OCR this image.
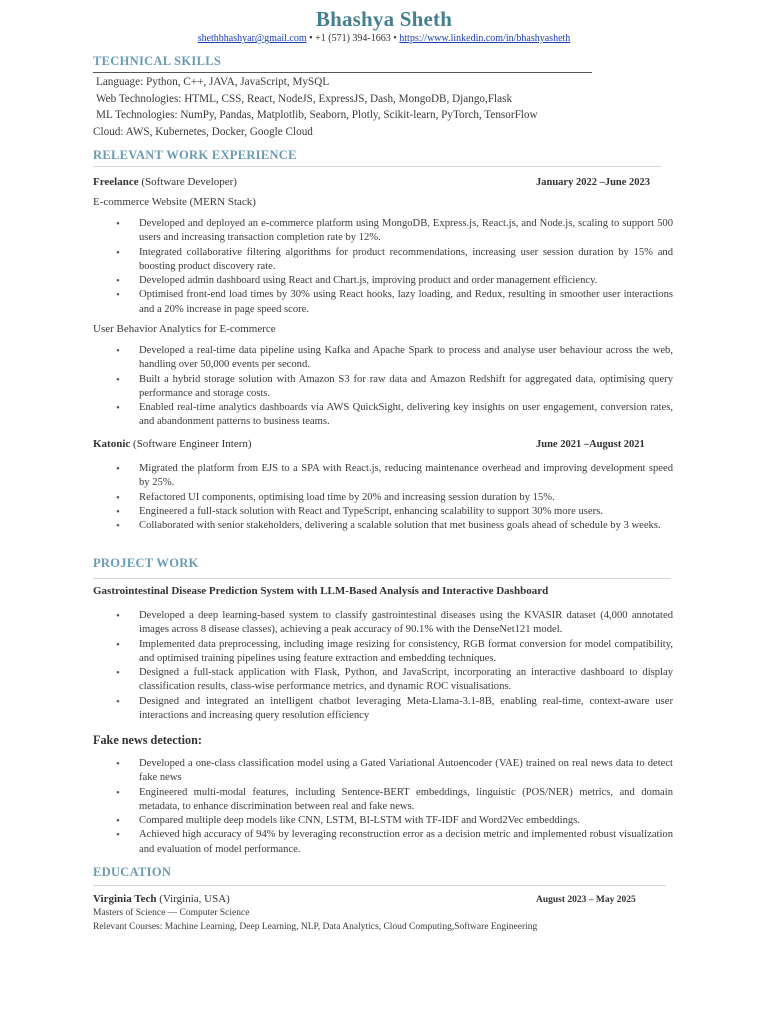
Bhashya Sheth
shethbhashyar@gmail.com • +1 (571) 394-1663 • https://www.linkedin.com/in/bhashyasheth
TECHNICAL SKILLS
Language: Python, C++, JAVA, JavaScript, MySQL
Web Technologies: HTML, CSS, React, NodeJS, ExpressJS, Dash, MongoDB, Django,Flask
ML Technologies: NumPy, Pandas, Matplotlib, Seaborn, Plotly, Scikit-learn, PyTorch, TensorFlow
Cloud: AWS, Kubernetes, Docker, Google Cloud
RELEVANT WORK EXPERIENCE
Freelance (Software Developer)	January 2022 –June 2023
E-commerce Website (MERN Stack)
• Developed and deployed an e-commerce platform using MongoDB, Express.js, React.js, and Node.js, scaling to support 500 users and increasing transaction completion rate by 12%.
• Integrated collaborative filtering algorithms for product recommendations, increasing user session duration by 15% and boosting product discovery rate.
• Developed admin dashboard using React and Chart.js, improving product and order management efficiency.
• Optimised front-end load times by 30% using React hooks, lazy loading, and Redux, resulting in smoother user interactions and a 20% increase in page speed score.
User Behavior Analytics for E-commerce
• Developed a real-time data pipeline using Kafka and Apache Spark to process and analyse user behaviour across the web, handling over 50,000 events per second.
• Built a hybrid storage solution with Amazon S3 for raw data and Amazon Redshift for aggregated data, optimising query performance and storage costs.
• Enabled real-time analytics dashboards via AWS QuickSight, delivering key insights on user engagement, conversion rates, and abandonment patterns to business teams.
Katonic (Software Engineer Intern)	June 2021 –August 2021
• Migrated the platform from EJS to a SPA with React.js, reducing maintenance overhead and improving development speed by 25%.
• Refactored UI components, optimising load time by 20% and increasing session duration by 15%.
• Engineered a full-stack solution with React and TypeScript, enhancing scalability to support 30% more users.
• Collaborated with senior stakeholders, delivering a scalable solution that met business goals ahead of schedule by 3 weeks.
PROJECT WORK
Gastrointestinal Disease Prediction System with LLM-Based Analysis and Interactive Dashboard
• Developed a deep learning-based system to classify gastrointestinal diseases using the KVASIR dataset (4,000 annotated images across 8 disease classes), achieving a peak accuracy of 90.1% with the DenseNet121 model.
• Implemented data preprocessing, including image resizing for consistency, RGB format conversion for model compatibility, and optimised training pipelines using feature extraction and embedding techniques.
• Designed a full-stack application with Flask, Python, and JavaScript, incorporating an interactive dashboard to display classification results, class-wise performance metrics, and dynamic ROC visualisations.
• Designed and integrated an intelligent chatbot leveraging Meta-Llama-3.1-8B, enabling real-time, context-aware user interactions and increasing query resolution efficiency
Fake news detection:
• Developed a one-class classification model using a Gated Variational Autoencoder (VAE) trained on real news data to detect fake news
• Engineered multi-modal features, including Sentence-BERT embeddings, linguistic (POS/NER) metrics, and domain metadata, to enhance discrimination between real and fake news.
• Compared multiple deep models like CNN, LSTM, BI-LSTM with TF-IDF and Word2Vec embeddings.
• Achieved high accuracy of 94% by leveraging reconstruction error as a decision metric and implemented robust visualization and evaluation of model performance.
EDUCATION
Virginia Tech (Virginia, USA)	August 2023 – May 2025
Masters of Science — Computer Science
Relevant Courses: Machine Learning, Deep Learning, NLP, Data Analytics, Cloud Computing,Software Engineering
